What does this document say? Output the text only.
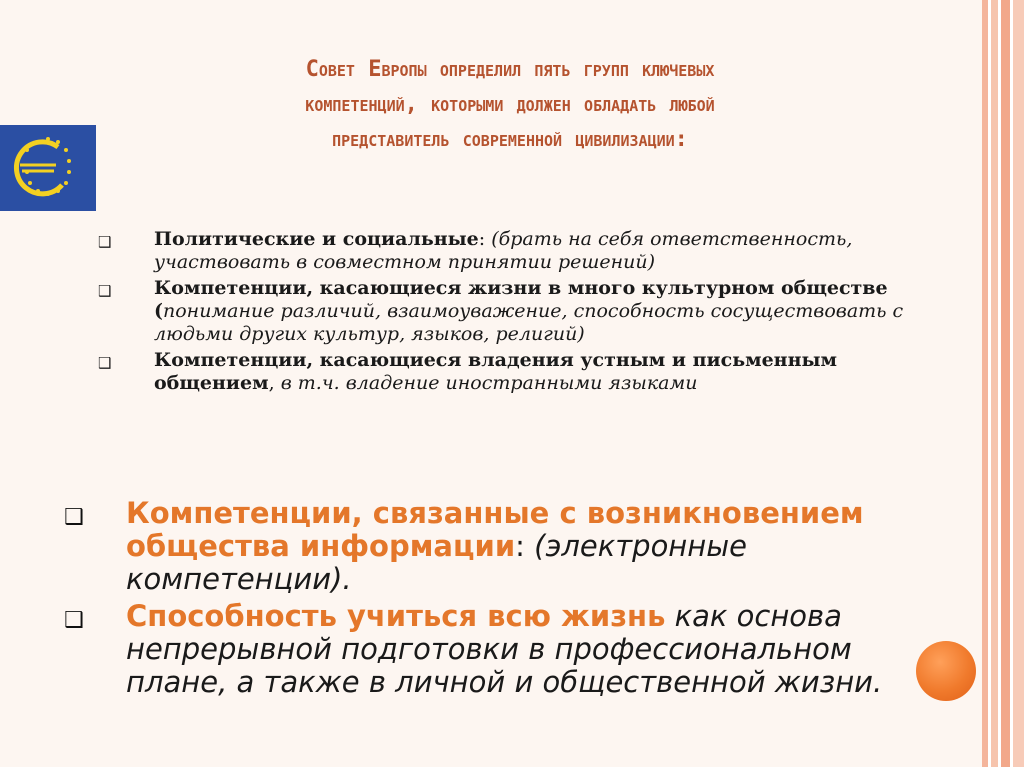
Совет Европы определил пять групп ключевых
компетенций, которыми должен обладать любой
представитель современной цивилизации:
❑ Политические и социальные: (брать на себя ответственность, участвовать в совместном принятии решений)
❑ Компетенции, касающиеся жизни в много культурном обществе (понимание различий, взаимоуважение, способность сосуществовать с людьми других культур, языков, религий)
❑ Компетенции, касающиеся владения устным и письменным общением, в т.ч. владение иностранными языками
❑ Компетенции, связанные с возникновением общества информации: (электронные компетенции).
❑ Способность учиться всю жизнь как основа непрерывной подготовки в профессиональном плане, а также в личной и общественной жизни.
